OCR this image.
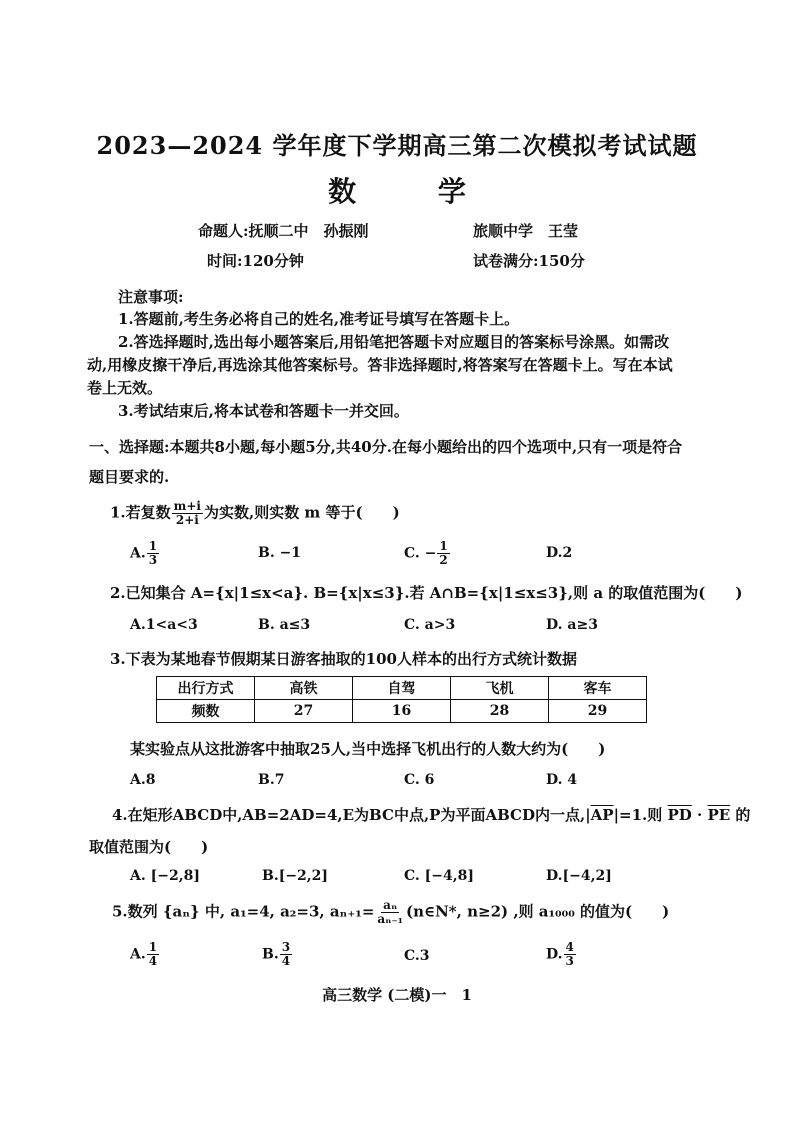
2023—2024 学年度下学期高三第二次模拟考试试题
数 学
命题人:抚顺二中　孙振刚	旅顺中学　王莹
时间:120分钟	试卷满分:150分
注意事项:
1.答题前,考生务必将自己的姓名,准考证号填写在答题卡上。
2.答选择题时,选出每小题答案后,用铅笔把答题卡对应题目的答案标号涂黑。如需改
动,用橡皮擦干净后,再选涂其他答案标号。答非选择题时,将答案写在答题卡上。写在本试
卷上无效。
3.考试结束后,将本试卷和答题卡一并交回。
一、选择题:本题共8小题,每小题5分,共40分.在每小题给出的四个选项中,只有一项是符合
题目要求的.
1.若复数 $\frac{m+i}{2+i}$ 为实数,则实数 m 等于(　　)
A. $\frac{1}{3}$	B. −1	C. − $\frac{1}{2}$	D.2
2.已知集合 A={x|1≤x<a}. B={x|x≤3}.若 A∩B={x|1≤x≤3},则 a 的取值范围为(　　)
A.1<a<3	B. a≤3	C. a>3	D. a≥3
3.下表为某地春节假期某日游客抽取的100人样本的出行方式统计数据
出行方式	高铁	自驾	飞机	客车
频数	27	16	28	29
某实验点从这批游客中抽取25人,当中选择飞机出行的人数大约为(　　)
A.8	B.7	C. 6	D. 4
4.在矩形ABCD中,AB=2AD=4,E为BC中点,P为平面ABCD内一点$,|\overline{AP}|=1$.则 $\overline{PD} \cdot \overline{PE}$ 的
取值范围为(　　)
A. [−2,8]	B.[−2,2]	C. [−4,8]	D.[−4,2]
5.数列 {aₙ} 中, a₁=4, a₂=3, $a_{n+1}= \frac{\text{aₙ}}{\text{aₙ₋₁}}$ (n∈N*, n≥2) ,则 a₁₀₀₀ 的值为(　　)
A. $\frac{1}{4}$	B. $\frac{3}{4}$	C.3	D. $\frac{4}{3}$
高三数学 (二模)一　1
